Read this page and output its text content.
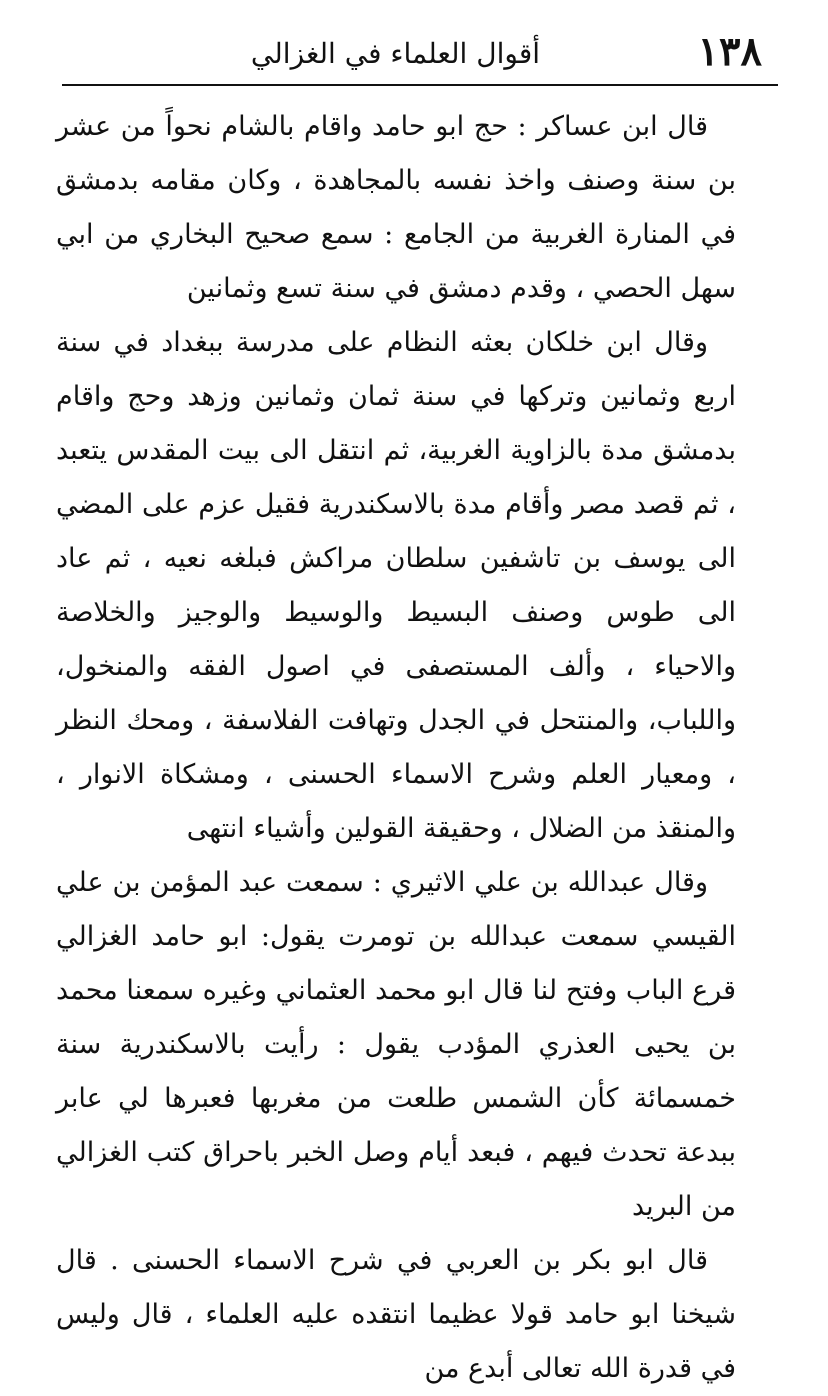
١٣٨
أقوال العلماء في الغزالي

قال ابن عساكر : حج ابو حامد واقام بالشام نحواً من عشر بن سنة وصنف واخذ نفسه بالمجاهدة ، وكان مقامه بدمشق في المنارة الغربية من الجامع : سمع صحيح البخاري من ابي سهل الحصي ، وقدم دمشق في سنة تسع وثمانين

وقال ابن خلكان بعثه النظام على مدرسة ببغداد في سنة اربع وثمانين وتركها في سنة ثمان وثمانين وزهد وحج واقام بدمشق مدة بالزاوية الغربية، ثم انتقل الى بيت المقدس يتعبد ، ثم قصد مصر وأقام مدة بالاسكندرية فقيل عزم على المضي الى يوسف بن تاشفين سلطان مراكش فبلغه نعيه ، ثم عاد الى طوس وصنف البسيط والوسيط والوجيز والخلاصة والاحياء ، وألف المستصفى في اصول الفقه والمنخول، واللباب، والمنتحل في الجدل وتهافت الفلاسفة ، ومحك النظر ، ومعيار العلم وشرح الاسماء الحسنى ، ومشكاة الانوار ، والمنقذ من الضلال ، وحقيقة القولين وأشياء انتهى

وقال عبدالله بن علي الاثيري : سمعت عبد المؤمن بن علي القيسي سمعت عبدالله بن تومرت يقول: ابو حامد الغزالي قرع الباب وفتح لنا قال ابو محمد العثماني وغيره سمعنا محمد بن يحيى العذري المؤدب يقول : رأيت بالاسكندرية سنة خمسمائة كأن الشمس طلعت من مغربها فعبرها لي عابر ببدعة تحدث فيهم ، فبعد أيام وصل الخبر باحراق كتب الغزالي من البريد

قال ابو بكر بن العربي في شرح الاسماء الحسنى . قال شيخنا ابو حامد قولا عظيما انتقده عليه العلماء ، قال وليس في قدرة الله تعالى أبدع من
